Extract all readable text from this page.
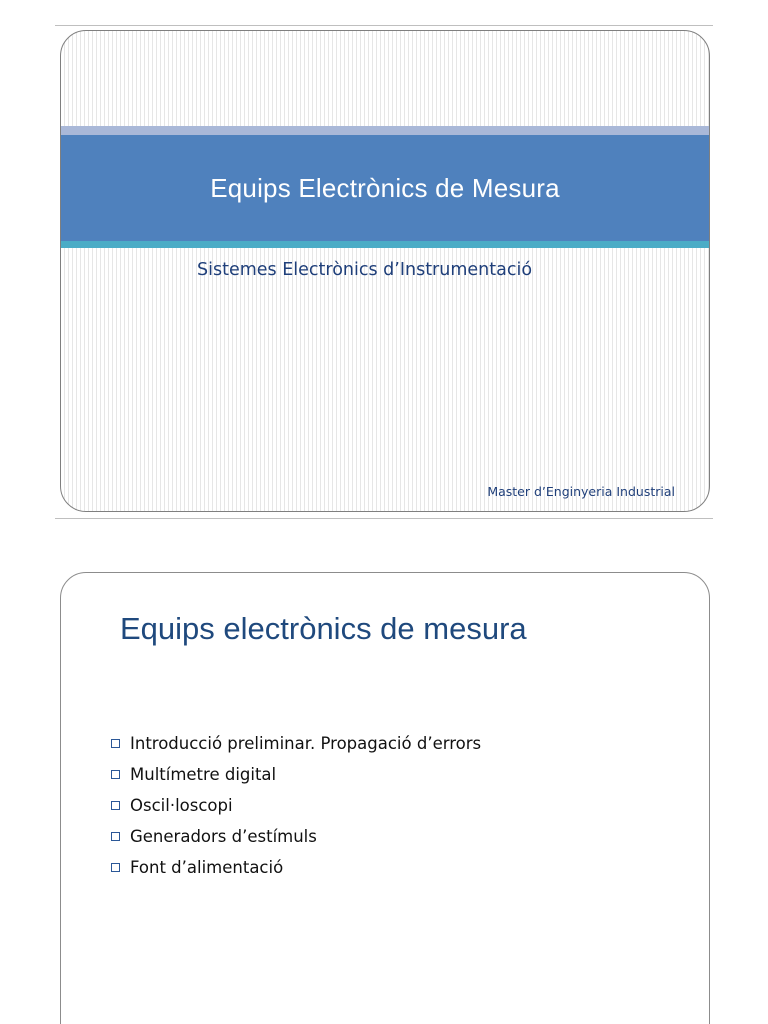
Equips Electrònics de Mesura
Sistemes Electrònics d’Instrumentació
Master d’Enginyeria Industrial
Equips electrònics de mesura
Introducció preliminar. Propagació d’errors
Multímetre digital
Oscil·loscopi
Generadors d’estímuls
Font d’alimentació
